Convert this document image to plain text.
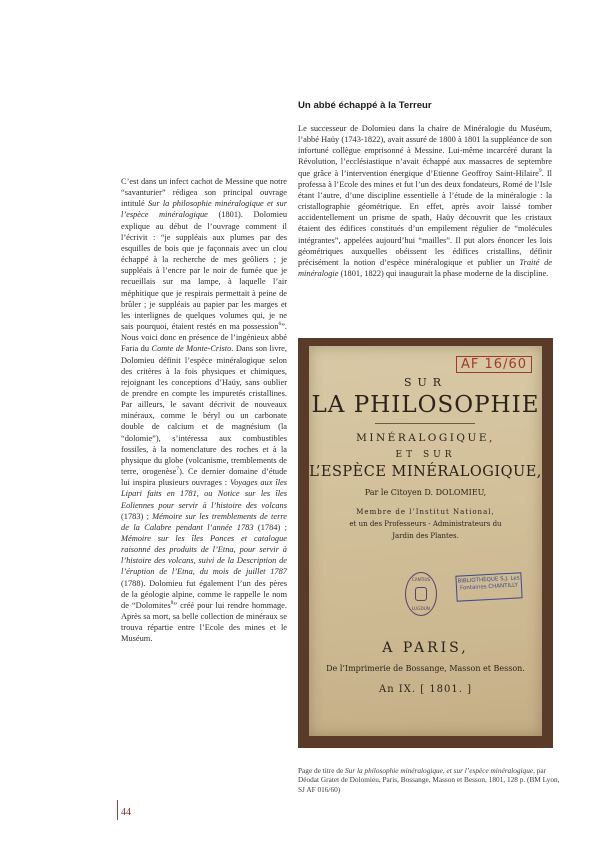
C’est dans un infect cachot de Messine que notre “savanturier” rédigea son principal ouvrage intitulé Sur la philosophie minéralogique et sur l’espèce minéralogique (1801). Dolomieu explique au début de l’ouvrage comment il l’écrivit : “je suppléais aux plumes par des esquilles de bois que je façonnais avec un clou échappé à la recherche de mes geôliers ; je suppléais à l’encre par le noir de fumée que je recueillais sur ma lampe, à laquelle l’air méphitique que je respirais permettait à peine de brûler ; je suppléais au papier par les marges et les interlignes de quelques volumes qui, je ne sais pourquoi, étaient restés en ma possession$^6$”. Nous voici donc en présence de l’ingénieux abbé Faria du Comte de Monte-Cristo. Dans son livre, Dolomieu définit l’espèce minéralogique selon des critères à la fois physiques et chimiques, rejoignant les conceptions d’Haüy, sans oublier de prendre en compte les impuretés cristallines. Par ailleurs, le savant décrivit de nouveaux minéraux, comme le béryl ou un carbonate double de calcium et de magnésium (la “dolomie”), s’intéressa aux combustibles fossiles, à la nomenclature des roches et à la physique du globe (volcanisme, tremblements de terre, orogenèse$^7$). Ce dernier domaine d’étude lui inspira plusieurs ouvrages : Voyages aux îles Lipari faits en 1781, ou Notice sur les îles Eoliennes pour servir à l’histoire des volcans (1783) ; Mémoire sur les tremblements de terre de la Calabre pendant l’année 1783 (1784) ; Mémoire sur les îles Ponces et catalogue raisonné des produits de l’Etna, pour servir à l’histoire des volcans, suivi de la Description de l’éruption de l’Etna, du mois de juillet 1787 (1788). Dolomieu fut également l’un des pères de la géologie alpine, comme le rappelle le nom de “Dolomites$^8$” créé pour lui rendre hommage. Après sa mort, sa belle collection de minéraux se trouva répartie entre l’Ecole des mines et le Muséum.
Un abbé échappé à la Terreur

Le successeur de Dolomieu dans la chaire de Minéralogie du Muséum, l’abbé Haüy (1743-1822), avait assuré de 1800 à 1801 la suppléance de son infortuné collègue emprisonné à Messine. Lui-même incarcéré durant la Révolution, l’ecclésiastique n’avait échappé aux massacres de septembre que grâce à l’intervention énergique d’Etienne Geoffroy Saint-Hilaire$^9$. Il professa à l’Ecole des mines et fut l’un des deux fondateurs, Romé de l’Isle étant l’autre, d’une discipline essentielle à l’étude de la minéralogie : la cristallographie géométrique. En effet, après avoir laissé tomber accidentellement un prisme de spath, Haüy découvrit que les cristaux étaient des édifices constitués d’un empilement régulier de “molécules intégrantes”, appelées aujourd’hui “mailles”. Il put alors énoncer les lois géométriques auxquelles obéissent les édifices cristallins, définir précisément la notion d’espèce minéralogique et publier un Traité de minéralogie (1801, 1822) qui inaugurait la phase moderne de la discipline.

AF 16/60
SUR
LA PHILOSOPHIE
MINÉRALOGIQUE,
ET SUR
L’ESPÈCE MINÉRALOGIQUE,
Par le Citoyen D. DOLOMIEU,
Membre de l’Institut National,
et un des Professeurs - Administrateurs du
Jardin des Plantes.
CANTIUS
LUGDUN
BIBLIOTHÈQUE S.J. Les Fontaines CHANTILLY
A PARIS,
De l’Imprimerie de Bossange, Masson et Besson.
An IX. [ 1801. ]
Page de titre de Sur la philosophie minéralogique, et sur l’espèce minéralogique, par Déodat Gratet de Dolomieu, Paris, Bossange, Masson et Besson, 1801, 128 p. (BM Lyon, SJ AF 016/60)
44
